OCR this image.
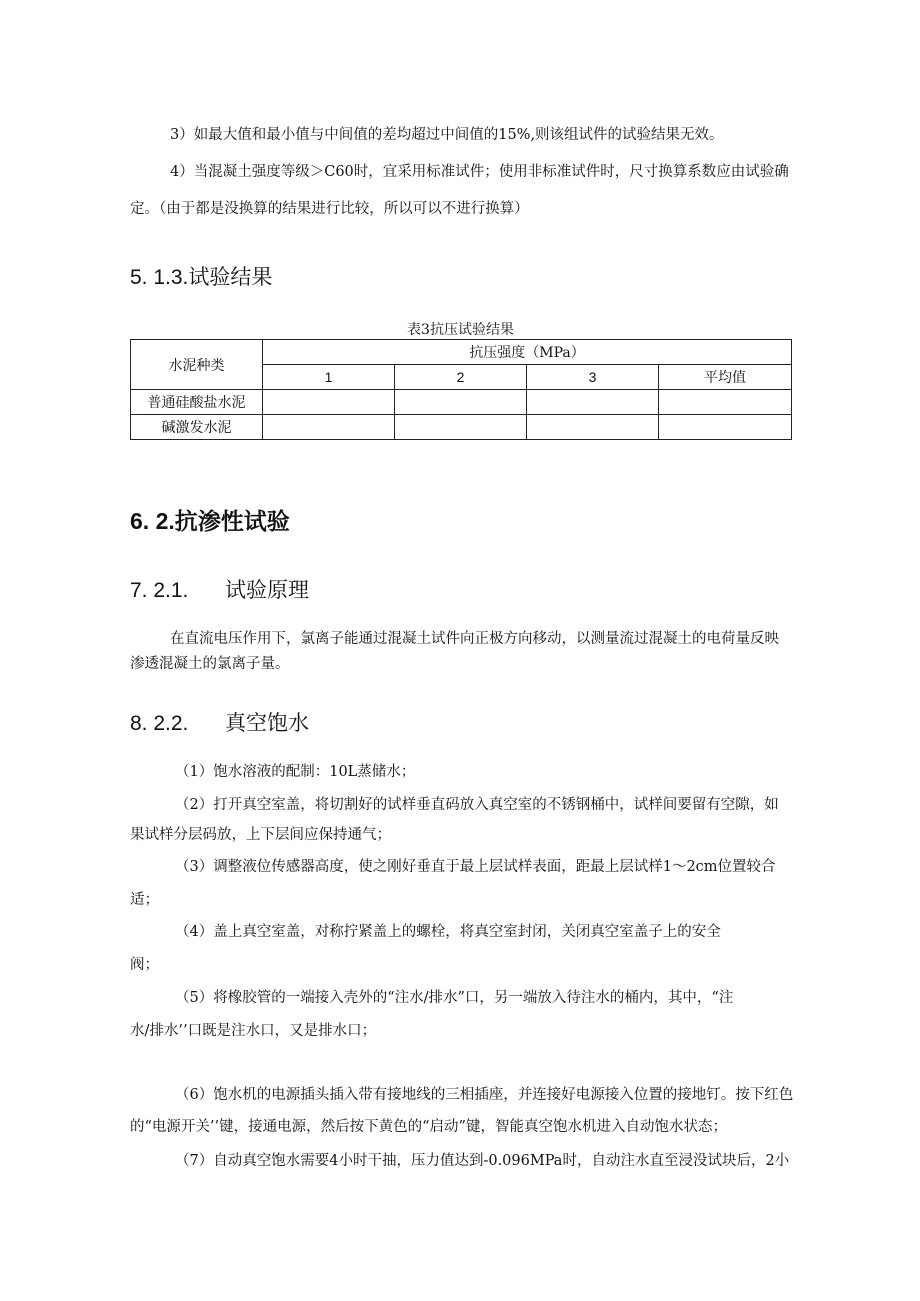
3）如最大值和最小值与中间值的差均超过中间值的15%,则该组试件的试验结果无效。
4）当混凝土强度等级＞C60时，宜采用标准试件；使用非标准试件时，尺寸换算系数应由试验确
定。（由于都是没换算的结果进行比较，所以可以不进行换算）
5. 1.3.试验结果
表3抗压试验结果
水泥种类	抗压强度（MPa）			
	1	2	3	平均值
普通硅酸盐水泥				
碱激发水泥				
6. 2.抗渗性试验
7. 2.1. 试验原理
在直流电压作用下，氯离子能通过混凝土试件向正极方向移动，以测量流过混凝土的电荷量反映
渗透混凝土的氯离子量。
8. 2.2. 真空饱水
（1）饱水溶液的配制：10L蒸储水；
（2）打开真空室盖，将切割好的试样垂直码放入真空室的不锈钢桶中，试样间要留有空隙，如
果试样分层码放，上下层间应保持通气；
（3）调整液位传感器高度，使之刚好垂直于最上层试样表面，距最上层试样1～2cm位置较合
适；
（4）盖上真空室盖，对称拧紧盖上的螺栓，将真空室封闭，关闭真空室盖子上的安全
阀；
（5）将橡胶管的一端接入壳外的“注水/排水”口，另一端放入待注水的桶内，其中，“注
水/排水’’口既是注水口，又是排水口；
（6）饱水机的电源插头插入带有接地线的三相插座，并连接好电源接入位置的接地钉。按下红色
的“电源开关’’键，接通电源，然后按下黄色的“启动”键，智能真空饱水机进入自动饱水状态；
（7）自动真空饱水需要4小时干抽，压力值达到-0.096MPa时，自动注水直至浸没试块后，2小
